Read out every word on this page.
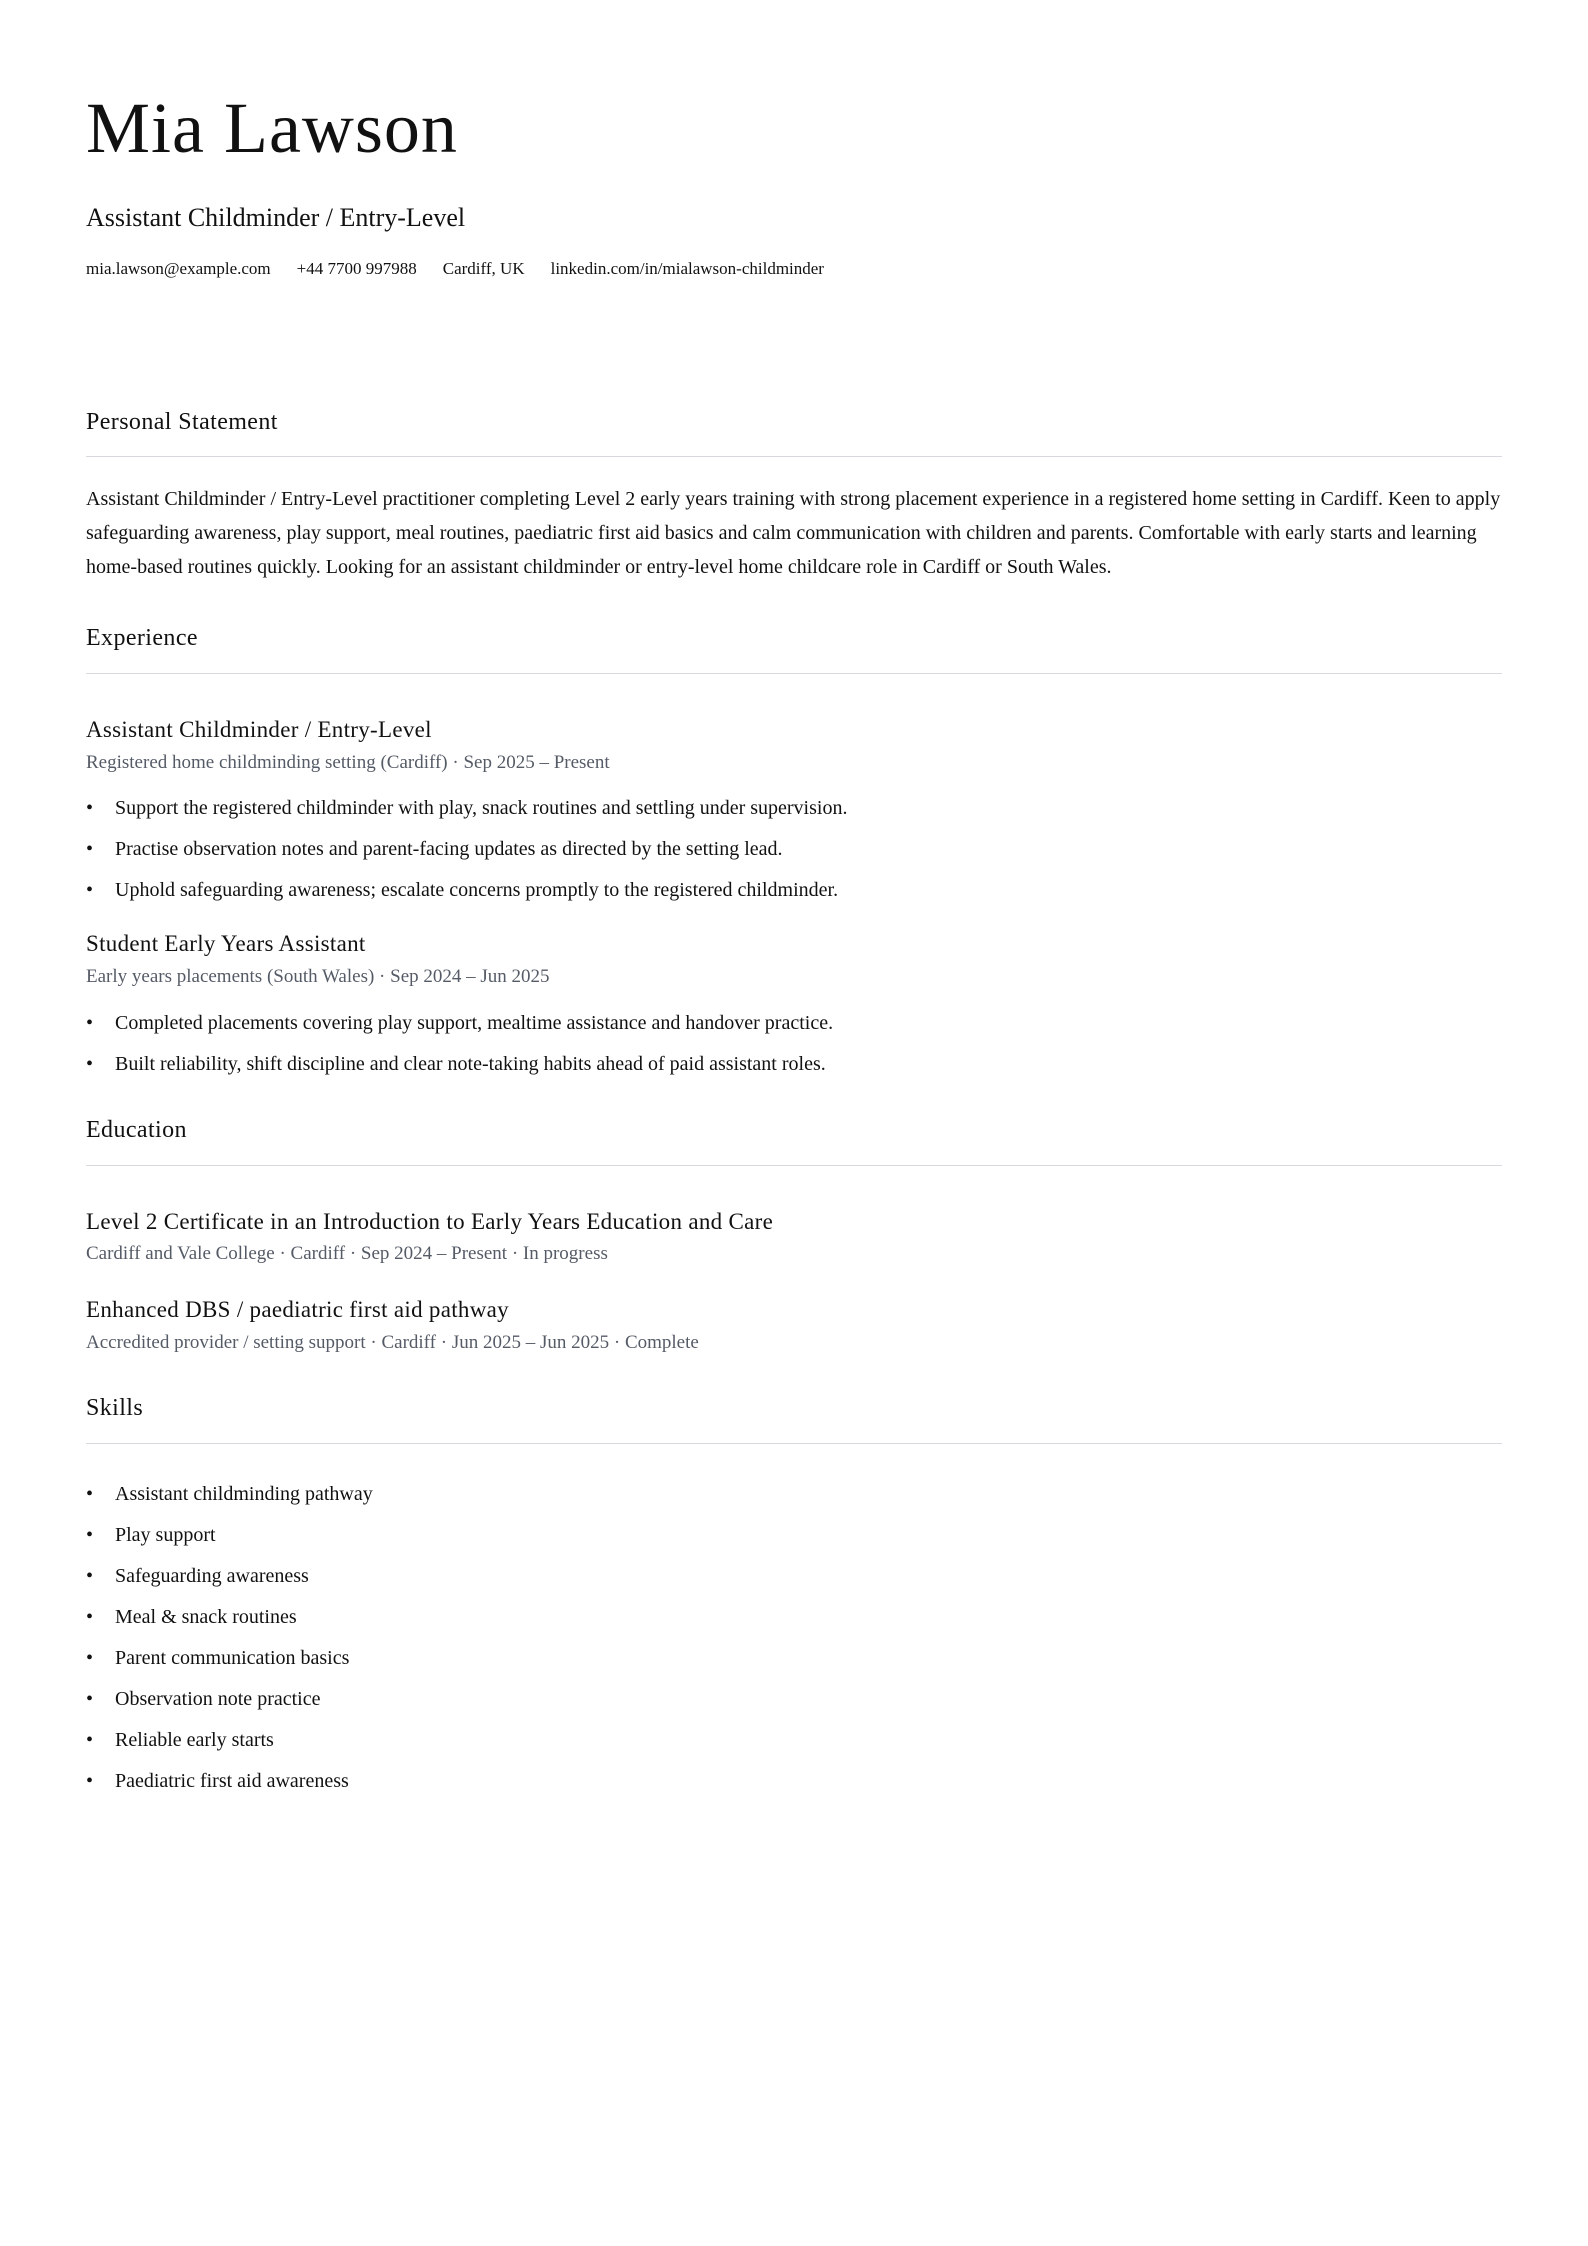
Mia Lawson
Assistant Childminder / Entry-Level
mia.lawson@example.com +44 7700 997988 Cardiff, UK linkedin.com/in/mialawson-childminder
Personal Statement

Assistant Childminder / Entry-Level practitioner completing Level 2 early years training with strong placement experience in a registered home setting in Cardiff. Keen to apply safeguarding awareness, play support, meal routines, paediatric first aid basics and calm communication with children and parents. Comfortable with early starts and learning home-based routines quickly. Looking for an assistant childminder or entry-level home childcare role in Cardiff or South Wales.

Experience
Assistant Childminder / Entry-Level
Registered home childminding setting (Cardiff) · Sep 2025 – Present
• Support the registered childminder with play, snack routines and settling under supervision.
• Practise observation notes and parent-facing updates as directed by the setting lead.
• Uphold safeguarding awareness; escalate concerns promptly to the registered childminder.
Student Early Years Assistant
Early years placements (South Wales) · Sep 2024 – Jun 2025
• Completed placements covering play support, mealtime assistance and handover practice.
• Built reliability, shift discipline and clear note-taking habits ahead of paid assistant roles.
Education
Level 2 Certificate in an Introduction to Early Years Education and Care
Cardiff and Vale College · Cardiff · Sep 2024 – Present · In progress
Enhanced DBS / paediatric first aid pathway
Accredited provider / setting support · Cardiff · Jun 2025 – Jun 2025 · Complete
Skills
• Assistant childminding pathway
• Play support
• Safeguarding awareness
• Meal & snack routines
• Parent communication basics
• Observation note practice
• Reliable early starts
• Paediatric first aid awareness
